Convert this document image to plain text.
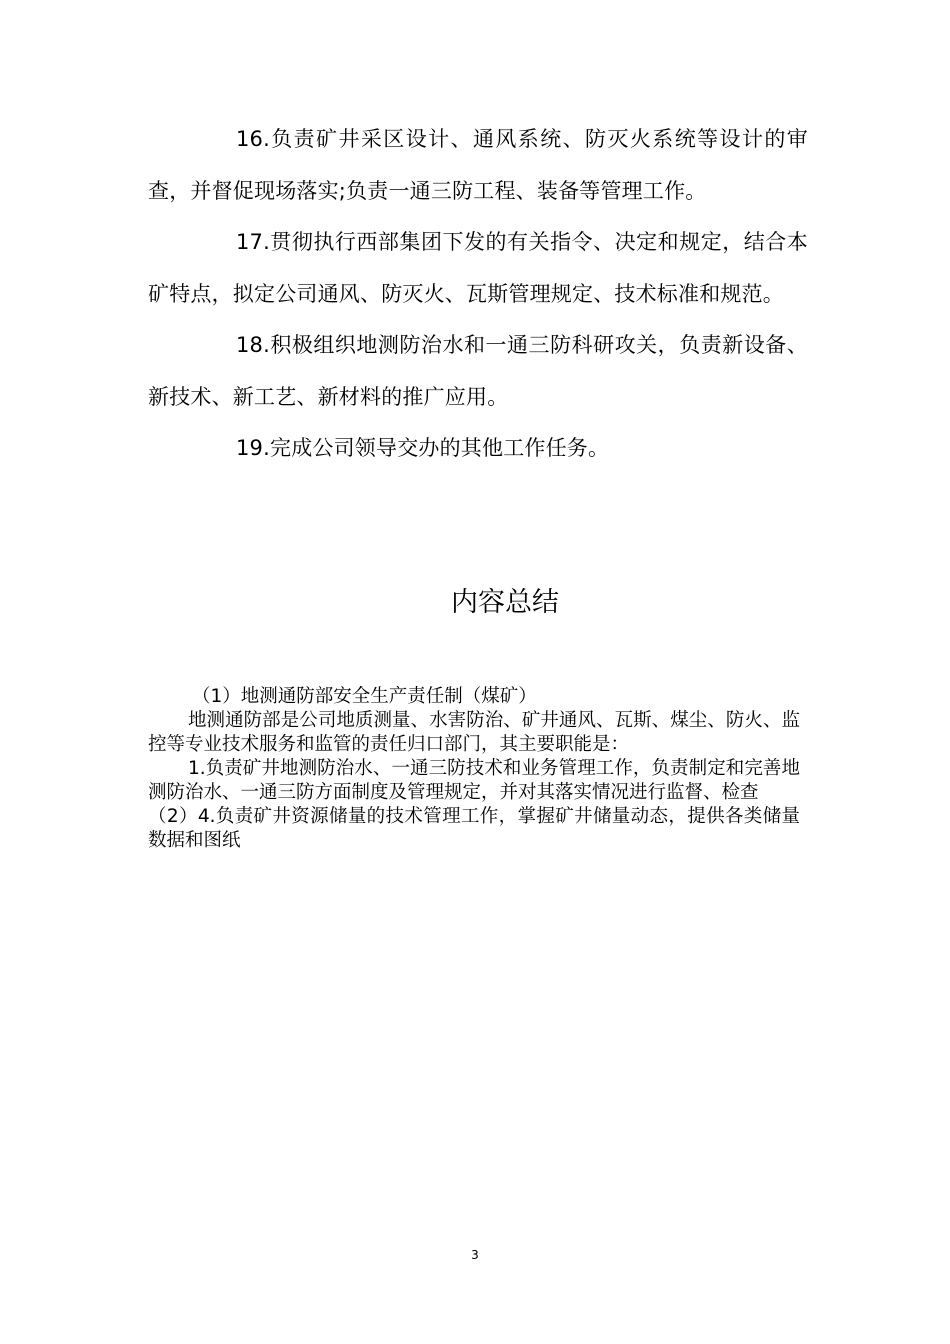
16.负责矿井采区设计、通风系统、防灭火系统等设计的审查，并督促现场落实;负责一通三防工程、装备等管理工作。

17.贯彻执行西部集团下发的有关指令、决定和规定，结合本矿特点，拟定公司通风、防灭火、瓦斯管理规定、技术标准和规范。

18.积极组织地测防治水和一通三防科研攻关，负责新设备、新技术、新工艺、新材料的推广应用。

19.完成公司领导交办的其他工作任务。

内容总结

（1）地测通防部安全生产责任制（煤矿）

地测通防部是公司地质测量、水害防治、矿井通风、瓦斯、煤尘、防火、监控等专业技术服务和监管的责任归口部门，其主要职能是：

1.负责矿井地测防治水、一通三防技术和业务管理工作，负责制定和完善地测防治水、一通三防方面制度及管理规定，并对其落实情况进行监督、检查

（2）4.负责矿井资源储量的技术管理工作，掌握矿井储量动态，提供各类储量数据和图纸

3
